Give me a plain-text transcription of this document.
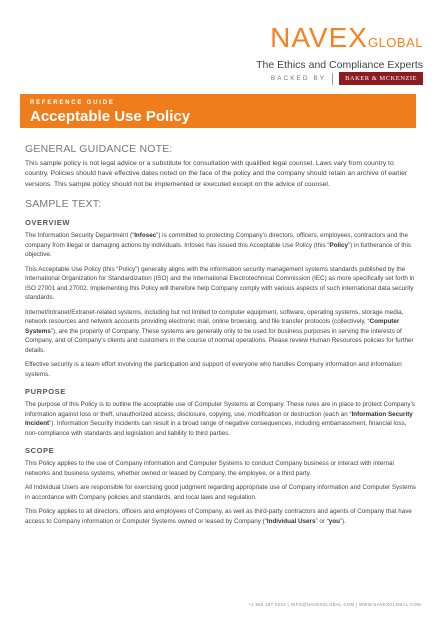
NAVEXGLOBAL
The Ethics and Compliance Experts
BACKED BY	BAKER & MCKENZIE
REFERENCE GUIDE
Acceptable Use Policy
GENERAL GUIDANCE NOTE:

This sample policy is not legal advice or a substitute for consultation with qualified legal counsel. Laws vary from country to country. Policies should have effective dates noted on the face of the policy and the company should retain an archive of earlier versions. This sample policy should not be implemented or executed except on the advice of counsel.

SAMPLE TEXT:
OVERVIEW

The Information Security Department (“Infosec”) is committed to protecting Company’s directors, officers, employees, contractors and the company from illegal or damaging actions by individuals. Infosec has issued this Acceptable Use Policy (this “Policy”) in furtherance of this objective.

This Acceptable Use Policy (this “Policy”) generally aligns with the information security management systems standards published by the International Organization for Standardization (ISO) and the International Electrotechnical Commission (IEC) as more specifically set forth in ISO 27001 and 27002. Implementing this Policy will therefore help Company comply with various aspects of such international data security standards.

Internet/Intranet/Extranet-related systems, including but not limited to computer equipment, software, operating systems, storage media, network resources and network accounts providing electronic mail, online browsing, and file transfer protocols (collectively, “Computer Systems”), are the property of Company. These systems are generally only to be used for business purposes in serving the interests of Company, and of Company’s clients and customers in the course of normal operations. Please review Human Resources policies for further details.

Effective security is a team effort involving the participation and support of everyone who handles Company information and information systems.

PURPOSE

The purpose of this Policy is to outline the acceptable use of Computer Systems at Company. These rules are in place to protect Company’s information against loss or theft, unauthorized access, disclosure, copying, use, modification or destruction (each an “Information Security Incident”). Information Security Incidents can result in a broad range of negative consequences, including embarrassment, financial loss, non-compliance with standards and legislation and liability to third parties.

SCOPE

This Policy applies to the use of Company information and Computer Systems to conduct Company business or interact with internal networks and business systems, whether owned or leased by Company, the employee, or a third party.

All Individual Users are responsible for exercising good judgment regarding appropriate use of Company information and Computer Systems in accordance with Company policies and standards, and local laws and regulation.

This Policy applies to all directors, officers and employees of Company, as well as third-party contractors and agents of Company that have access to Company information or Computer Systems owned or leased by Company (“Individual Users” or “you”).

+1 866 297 0224 | INFO@NAVEXGLOBAL.COM | WWW.NAVEXGLOBAL.COM
